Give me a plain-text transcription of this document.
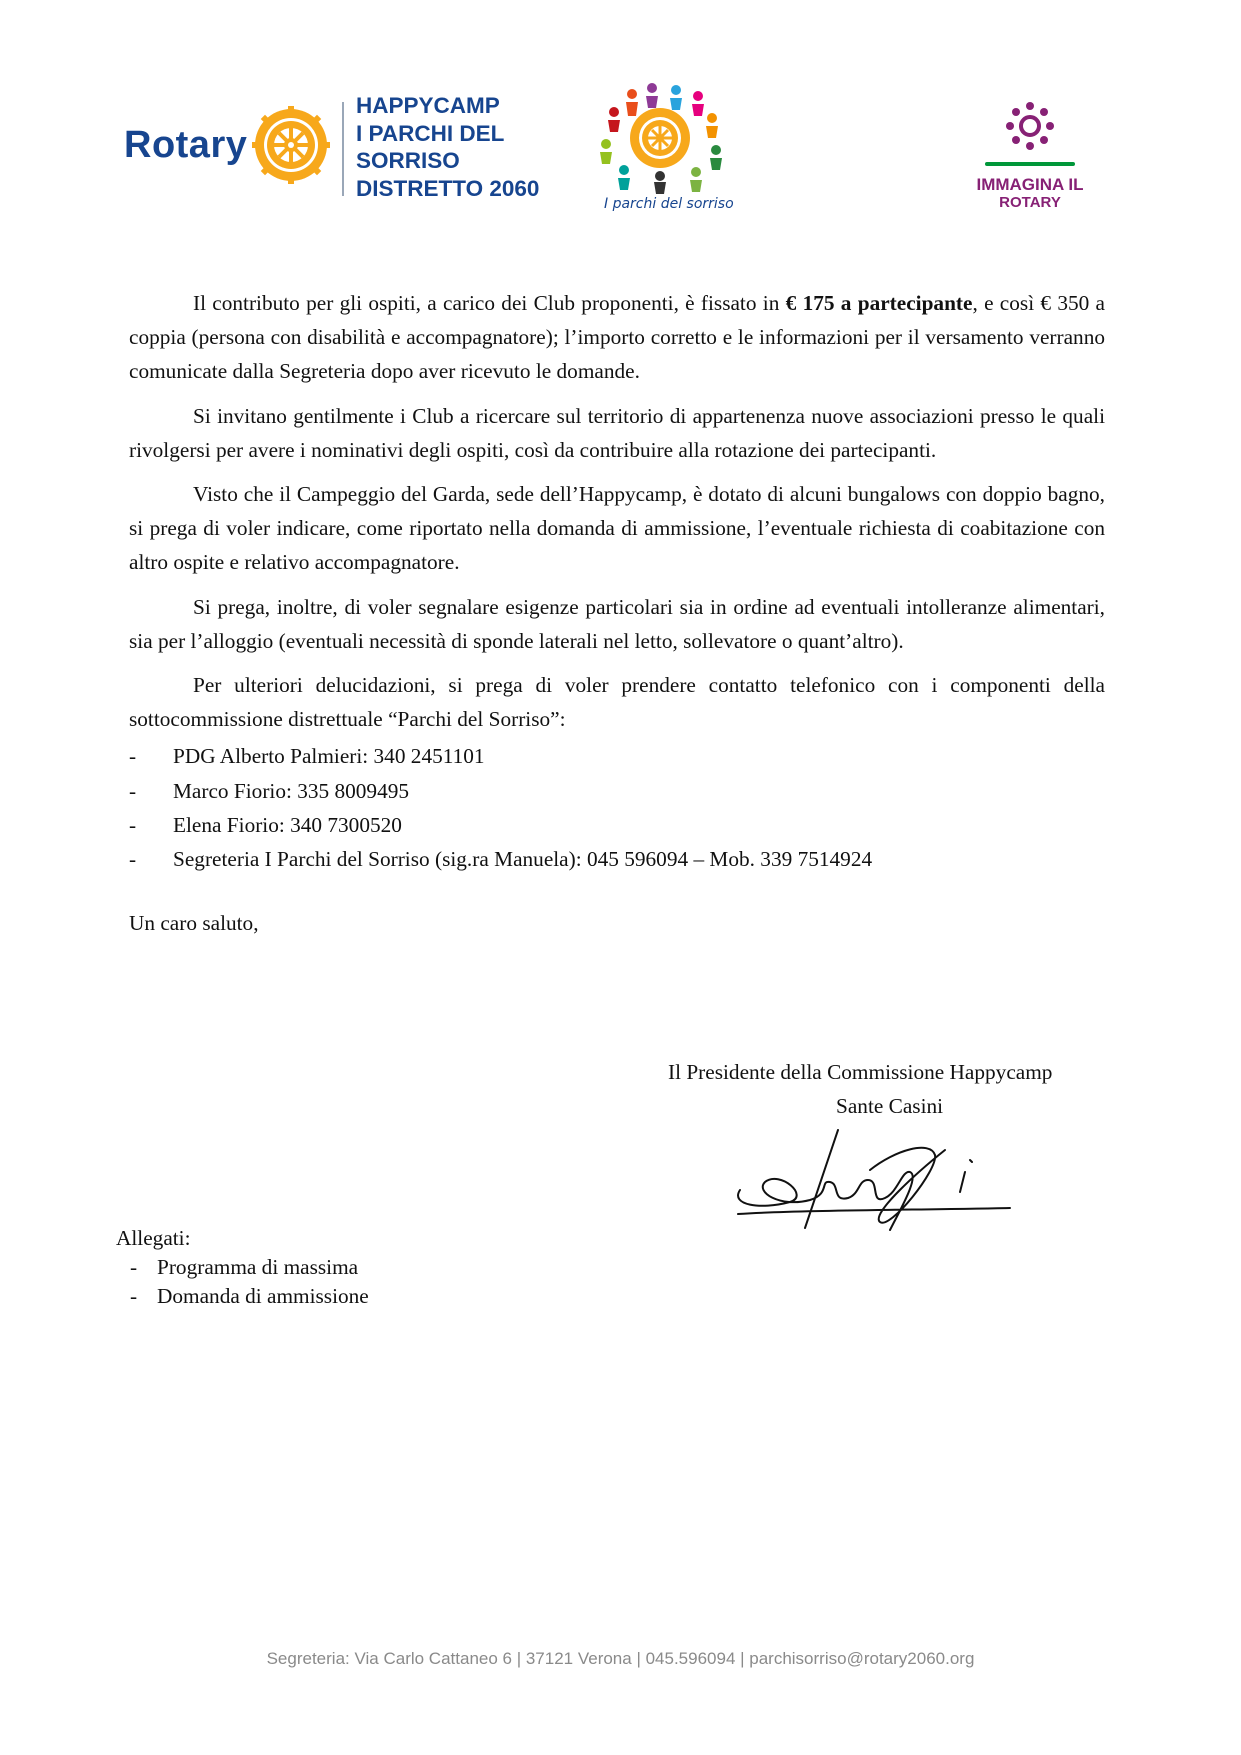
Rotary
HAPPYCAMP
I PARCHI DEL
SORRISO
DISTRETTO 2060
I parchi del sorriso
IMMAGINA IL
ROTARY

Il contributo per gli ospiti, a carico dei Club proponenti, è fissato in € 175 a partecipante, e così € 350 a coppia (persona con disabilità e accompagnatore); l’importo corretto e le informazioni per il versamento verranno comunicate dalla Segreteria dopo aver ricevuto le domande.

Si invitano gentilmente i Club a ricercare sul territorio di appartenenza nuove associazioni presso le quali rivolgersi per avere i nominativi degli ospiti, così da contribuire alla rotazione dei partecipanti.

Visto che il Campeggio del Garda, sede dell’Happycamp, è dotato di alcuni bungalows con doppio bagno, si prega di voler indicare, come riportato nella domanda di ammissione, l’eventuale richiesta di coabitazione con altro ospite e relativo accompagnatore.

Si prega, inoltre, di voler segnalare esigenze particolari sia in ordine ad eventuali intolleranze alimentari, sia per l’alloggio (eventuali necessità di sponde laterali nel letto, sollevatore o quant’altro).

Per ulteriori delucidazioni, si prega di voler prendere contatto telefonico con i componenti della sottocommissione distrettuale “Parchi del Sorriso”:

- PDG Alberto Palmieri: 340 2451101
- Marco Fiorio: 335 8009495
- Elena Fiorio: 340 7300520
- Segreteria I Parchi del Sorriso (sig.ra Manuela): 045 596094 – Mob. 339 7514924
Un caro saluto,
Il Presidente della Commissione Happycamp
Sante Casini
Allegati:
- Programma di massima
- Domanda di ammissione
Segreteria: Via Carlo Cattaneo 6 | 37121 Verona | 045.596094 | parchisorriso@rotary2060.org
